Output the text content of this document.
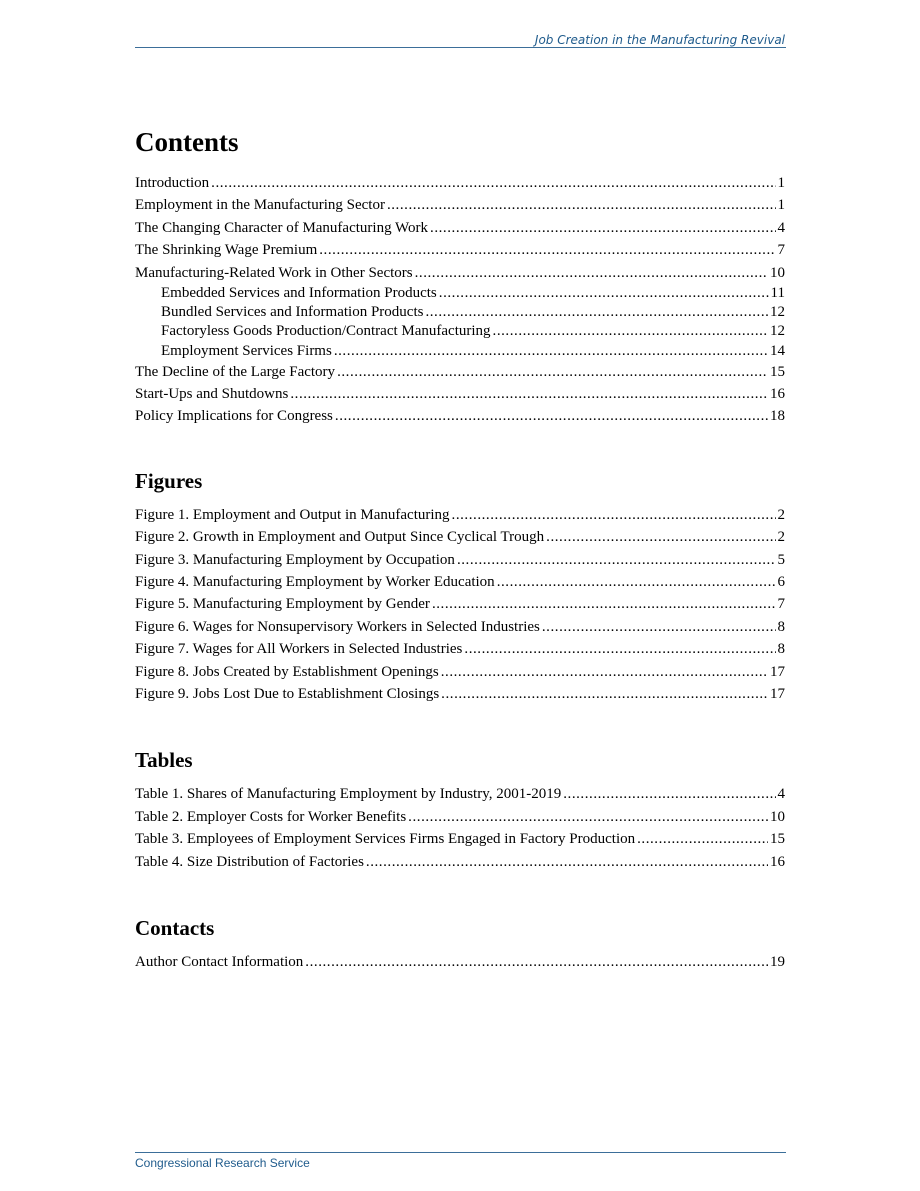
Job Creation in the Manufacturing Revival
Contents
Introduction . . .	1
Employment in the Manufacturing Sector . . .	1
The Changing Character of Manufacturing Work . . .	4
The Shrinking Wage Premium . . .	7
Manufacturing-Related Work in Other Sectors . . .	10
Embedded Services and Information Products . . .	11
Bundled Services and Information Products . . .	12
Factoryless Goods Production/Contract Manufacturing . . .	12
Employment Services Firms . . .	14
The Decline of the Large Factory . . .	15
Start-Ups and Shutdowns . . .	16
Policy Implications for Congress . . .	18
Figures
Figure 1. Employment and Output in Manufacturing . . .	2
Figure 2. Growth in Employment and Output Since Cyclical Trough . . .	2
Figure 3. Manufacturing Employment by Occupation . . .	5
Figure 4. Manufacturing Employment by Worker Education . . .	6
Figure 5. Manufacturing Employment by Gender . . .	7
Figure 6. Wages for Nonsupervisory Workers in Selected Industries . . .	8
Figure 7. Wages for All Workers in Selected Industries . . .	8
Figure 8. Jobs Created by Establishment Openings . . .	17
Figure 9. Jobs Lost Due to Establishment Closings . . .	17
Tables
Table 1. Shares of Manufacturing Employment by Industry, 2001-2019 . . .	4
Table 2. Employer Costs for Worker Benefits . . .	10
Table 3. Employees of Employment Services Firms Engaged in Factory Production . . .	15
Table 4. Size Distribution of Factories . . .	16
Contacts
Author Contact Information . . .	19
Congressional Research Service
